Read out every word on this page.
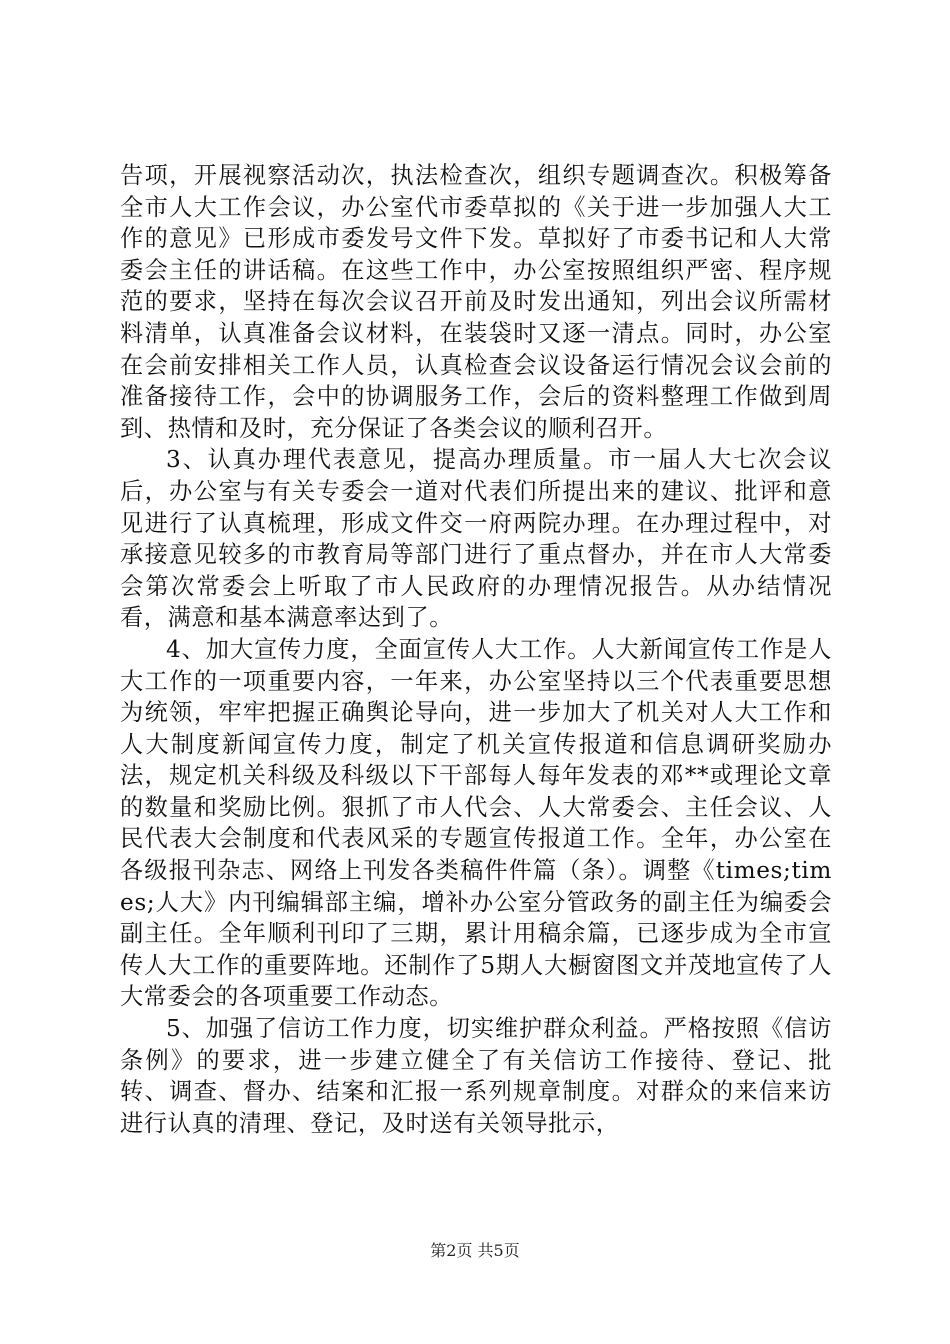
告项，开展视察活动次，执法检查次，组织专题调查次。积极筹备全市人大工作会议，办公室代市委草拟的《关于进一步加强人大工作的意见》已形成市委发号文件下发。草拟好了市委书记和人大常委会主任的讲话稿。在这些工作中，办公室按照组织严密、程序规范的要求，坚持在每次会议召开前及时发出通知，列出会议所需材料清单，认真准备会议材料，在装袋时又逐一清点。同时，办公室在会前安排相关工作人员，认真检查会议设备运行情况会议会前的准备接待工作，会中的协调服务工作，会后的资料整理工作做到周到、热情和及时，充分保证了各类会议的顺利召开。

3、认真办理代表意见，提高办理质量。市一届人大七次会议后，办公室与有关专委会一道对代表们所提出来的建议、批评和意见进行了认真梳理，形成文件交一府两院办理。在办理过程中，对承接意见较多的市教育局等部门进行了重点督办，并在市人大常委会第次常委会上听取了市人民政府的办理情况报告。从办结情况看，满意和基本满意率达到了。

4、加大宣传力度，全面宣传人大工作。人大新闻宣传工作是人大工作的一项重要内容，一年来，办公室坚持以三个代表重要思想为统领，牢牢把握正确舆论导向，进一步加大了机关对人大工作和人大制度新闻宣传力度，制定了机关宣传报道和信息调研奖励办法，规定机关科级及科级以下干部每人每年发表的邓**或理论文章的数量和奖励比例。狠抓了市人代会、人大常委会、主任会议、人民代表大会制度和代表风采的专题宣传报道工作。全年，办公室在各级报刊杂志、网络上刊发各类稿件件篇（条）。调整《times;times;人大》内刊编辑部主编，增补办公室分管政务的副主任为编委会副主任。全年顺利刊印了三期，累计用稿余篇，已逐步成为全市宣传人大工作的重要阵地。还制作了5期人大橱窗图文并茂地宣传了人大常委会的各项重要工作动态。

5、加强了信访工作力度，切实维护群众利益。严格按照《信访条例》的要求，进一步建立健全了有关信访工作接待、登记、批转、调查、督办、结案和汇报一系列规章制度。对群众的来信来访进行认真的清理、登记，及时送有关领导批示，

第2页 共5页
